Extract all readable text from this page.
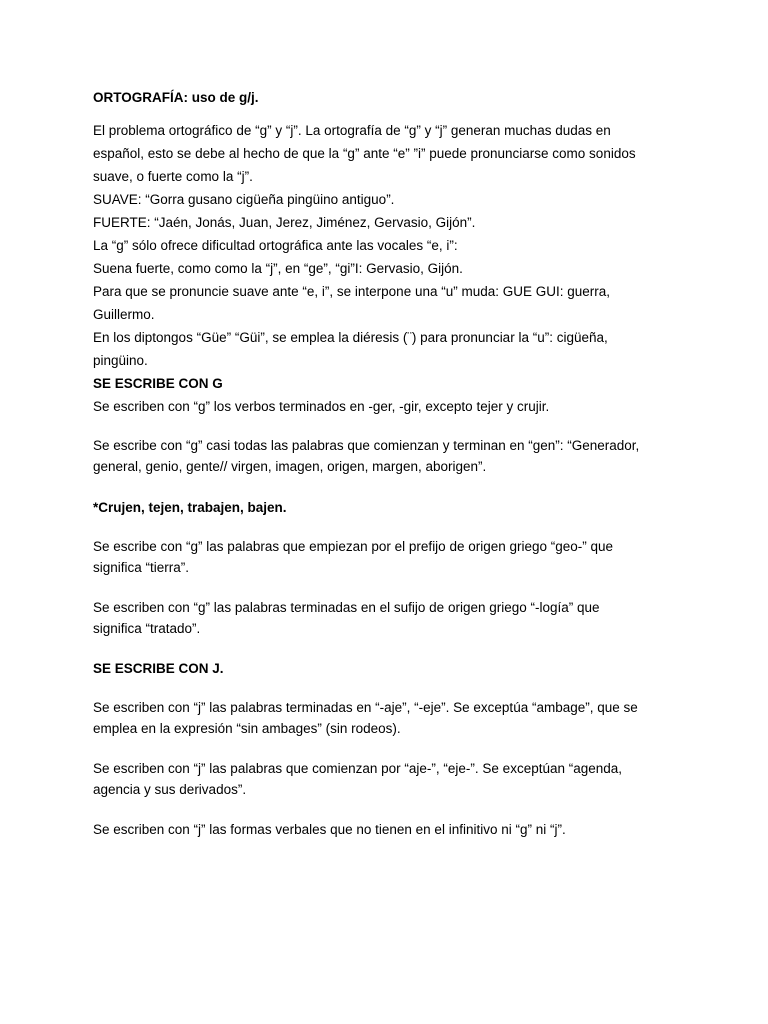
ORTOGRAFÍA: uso de g/j.

El problema ortográfico de “g” y “j”. La ortografía de “g” y “j” generan muchas dudas en

español, esto se debe al hecho de que la “g” ante “e” ”i” puede pronunciarse como sonidos

suave, o fuerte como la “j”.

SUAVE: “Gorra gusano cigüeña pingüino antiguo”.

FUERTE: “Jaén, Jonás, Juan, Jerez, Jiménez, Gervasio, Gijón”.

La “g” sólo ofrece dificultad ortográfica ante las vocales “e, i”:

Suena fuerte, como como la “j”, en “ge”, “gi”I: Gervasio, Gijón.

Para que se pronuncie suave ante “e, i”, se interpone una “u” muda: GUE GUI: guerra,

Guillermo.

En los diptongos “Güe” “Güi”, se emplea la diéresis (¨) para pronunciar la “u”: cigüeña,

pingüino.

SE ESCRIBE CON G

Se escriben con “g” los verbos terminados en -ger, -gir, excepto tejer y crujir.

Se escribe con “g” casi todas las palabras que comienzan y terminan en “gen”: “Generador,

general, genio, gente// virgen, imagen, origen, margen, aborigen”.

*Crujen, tejen, trabajen, bajen.

Se escribe con “g” las palabras que empiezan por el prefijo de origen griego “geo-” que

significa “tierra”.

Se escriben con “g” las palabras terminadas en el sufijo de origen griego “-logía” que

significa “tratado”.

SE ESCRIBE CON J.

Se escriben con “j” las palabras terminadas en “-aje”, “-eje”. Se exceptúa “ambage”, que se

emplea en la expresión “sin ambages” (sin rodeos).

Se escriben con “j” las palabras que comienzan por “aje-”, “eje-”. Se exceptúan “agenda,

agencia y sus derivados”.

Se escriben con “j” las formas verbales que no tienen en el infinitivo ni “g” ni “j”.
